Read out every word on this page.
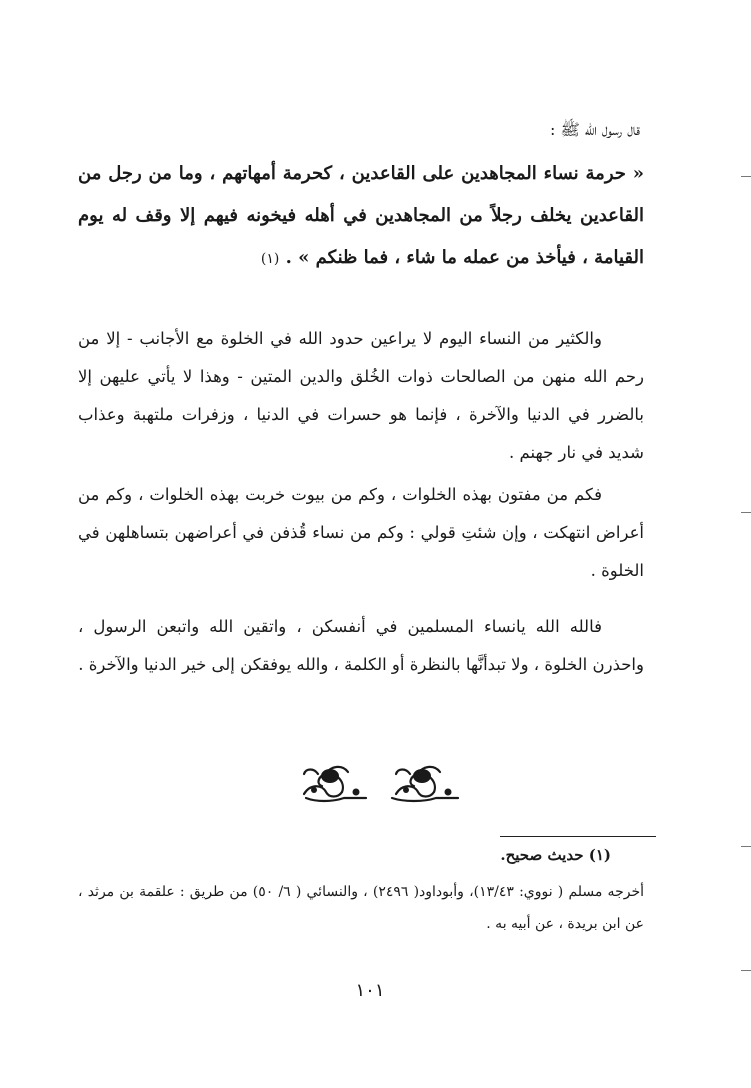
قال رسول الله ﷺ :
« حرمة نساء المجاهدين على القاعدين ، كحرمة أمهاتهم ، وما من رجل من القاعدين يخلف رجلاً من المجاهدين في أهله فيخونه فيهم إلا وقف له يوم القيامة ، فيأخذ من عمله ما شاء ، فما ظنكم » . (١)
والكثير من النساء اليوم لا يراعين حدود الله في الخلوة مع الأجانب - إلا من رحم الله منهن من الصالحات ذوات الخُلق والدين المتين - وهذا لا يأتي عليهن إلا بالضرر في الدنيا والآخرة ، فإنما هو حسرات في الدنيا ، وزفرات ملتهبة وعذاب شديد في نار جهنم .
فكم من مفتون بهذه الخلوات ، وكم من بيوت خربت بهذه الخلوات ، وكم من أعراض انتهكت ، وإن شئتِ قولي : وكم من نساء قُذفن في أعراضهن بتساهلهن في الخلوة .
فالله الله يانساء المسلمين في أنفسكن ، واتقين الله واتبعن الرسول ، واحذرن الخلوة ، ولا تبدأنَّها بالنظرة أو الكلمة ، والله يوفقكن إلى خير الدنيا والآخرة .
(١) حديث صحيح.
أخرجه مسلم ( نووي: ١٣/٤٣)، وأبوداود( ٢٤٩٦) ، والنسائي ( ٦/ ٥٠) من طريق : علقمة بن مرثد ، عن ابن بريدة ، عن أبيه به .
١٠١
